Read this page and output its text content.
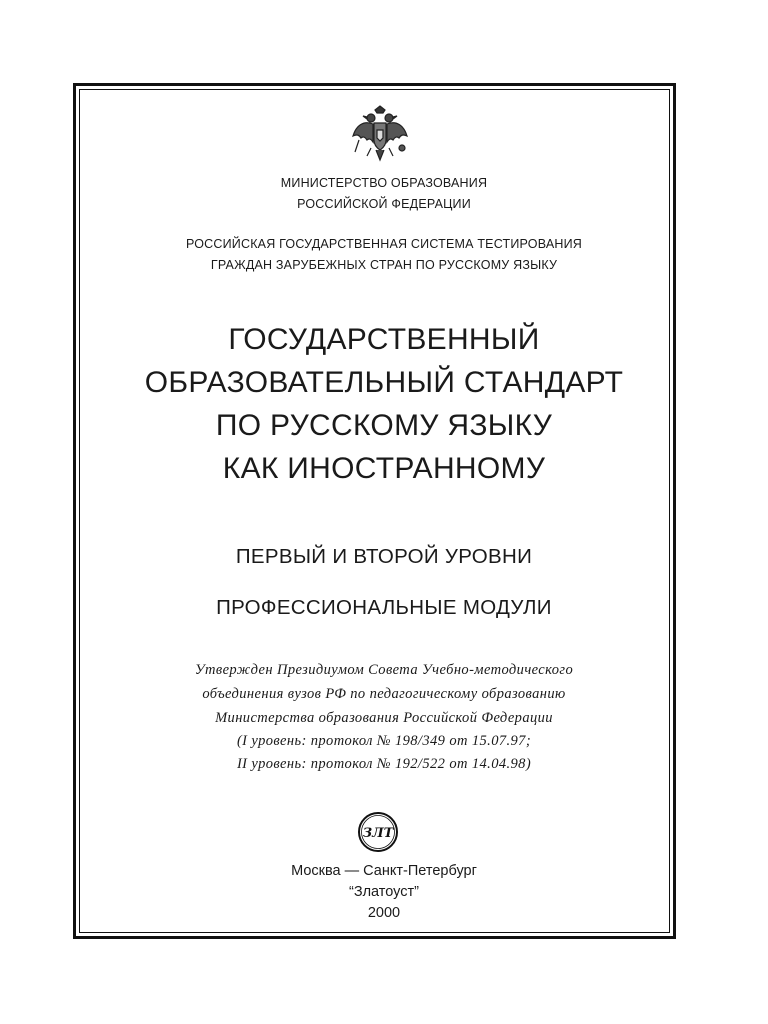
МИНИСТЕРСТВО ОБРАЗОВАНИЯ
РОССИЙСКОЙ ФЕДЕРАЦИИ
РОССИЙСКАЯ ГОСУДАРСТВЕННАЯ СИСТЕМА ТЕСТИРОВАНИЯ
ГРАЖДАН ЗАРУБЕЖНЫХ СТРАН ПО РУССКОМУ ЯЗЫКУ
ГОСУДАРСТВЕННЫЙ
ОБРАЗОВАТЕЛЬНЫЙ СТАНДАРТ
ПО РУССКОМУ ЯЗЫКУ
КАК ИНОСТРАННОМУ
ПЕРВЫЙ И ВТОРОЙ УРОВНИ
ПРОФЕССИОНАЛЬНЫЕ МОДУЛИ
Утвержден Президиумом Совета Учебно-методического
объединения вузов РФ по педагогическому образованию
Министерства образования Российской Федерации
(I уровень: протокол № 198/349 от 15.07.97;
II уровень: протокол № 192/522 от 14.04.98)
ЗЛТ
Москва — Санкт-Петербург
“Златоуст”
2000
